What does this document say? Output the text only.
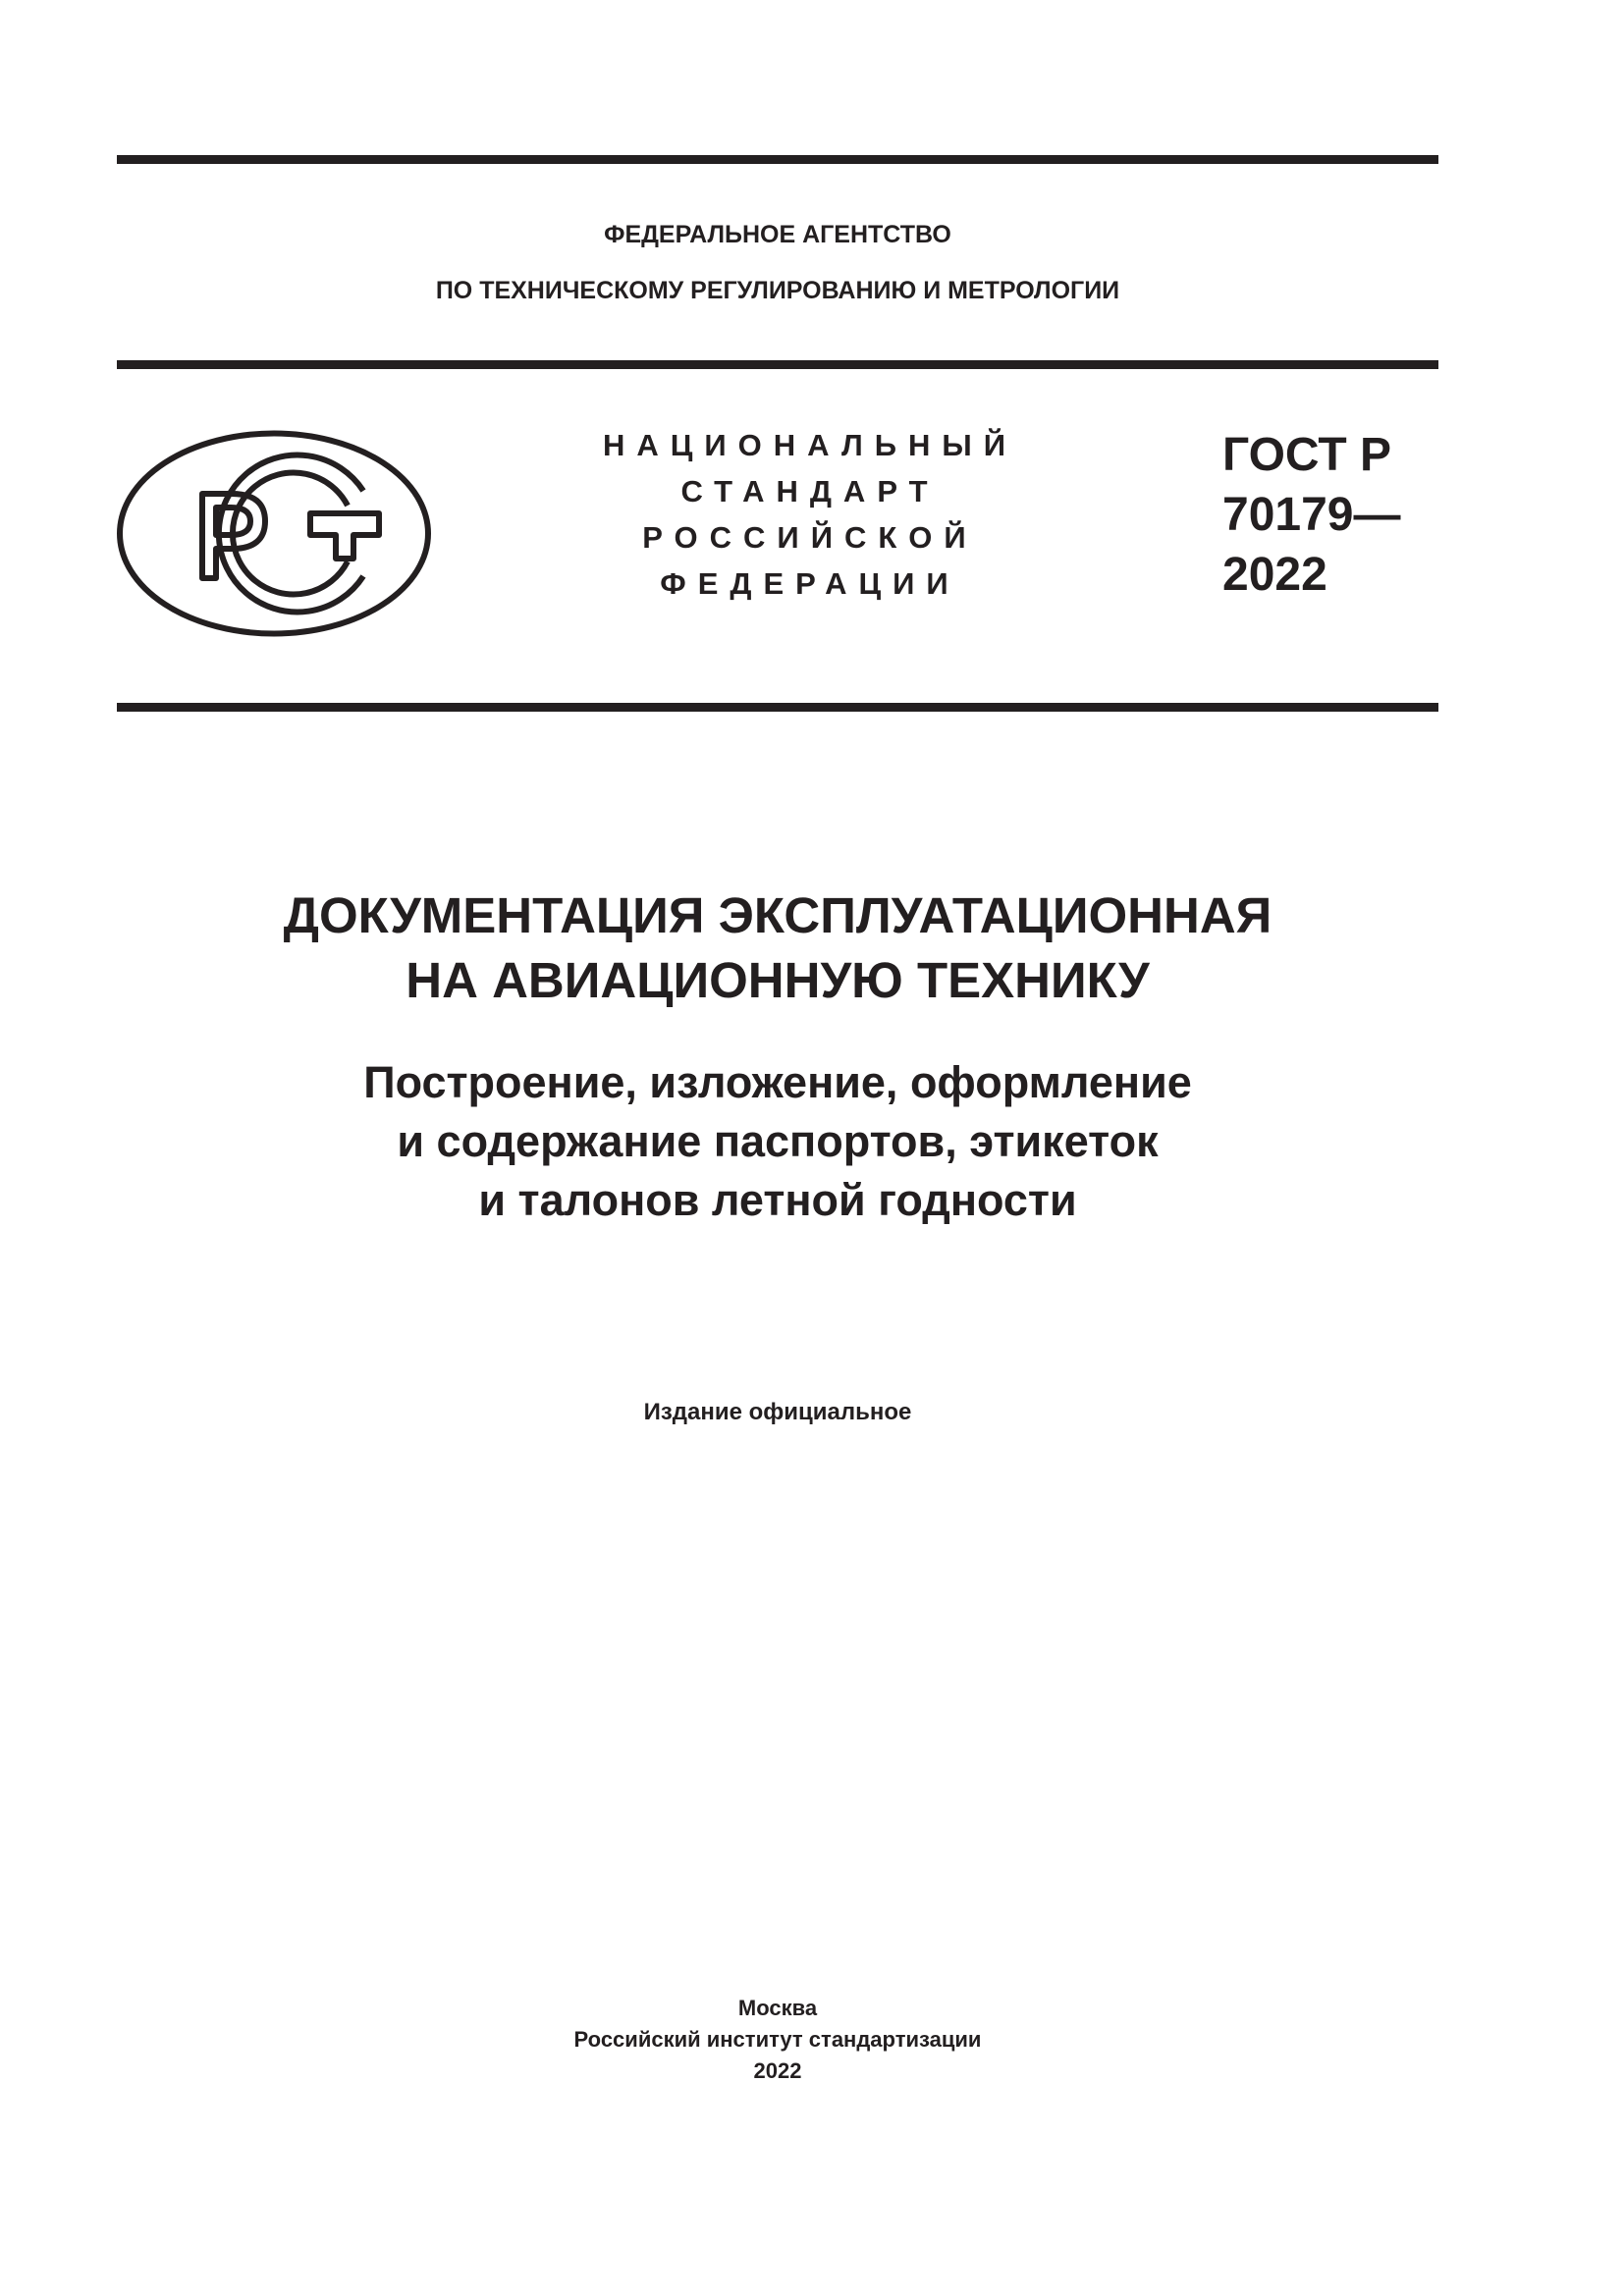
ФЕДЕРАЛЬНОЕ АГЕНТСТВО
ПО ТЕХНИЧЕСКОМУ РЕГУЛИРОВАНИЮ И МЕТРОЛОГИИ
НАЦИОНАЛЬНЫЙ
СТАНДАРТ
РОССИЙСКОЙ
ФЕДЕРАЦИИ
ГОСТ Р
70179—
2022
ДОКУМЕНТАЦИЯ ЭКСПЛУАТАЦИОННАЯ
НА АВИАЦИОННУЮ ТЕХНИКУ
Построение, изложение, оформление
и содержание паспортов, этикеток
и талонов летной годности
Издание официальное
Москва
Российский институт стандартизации
2022
